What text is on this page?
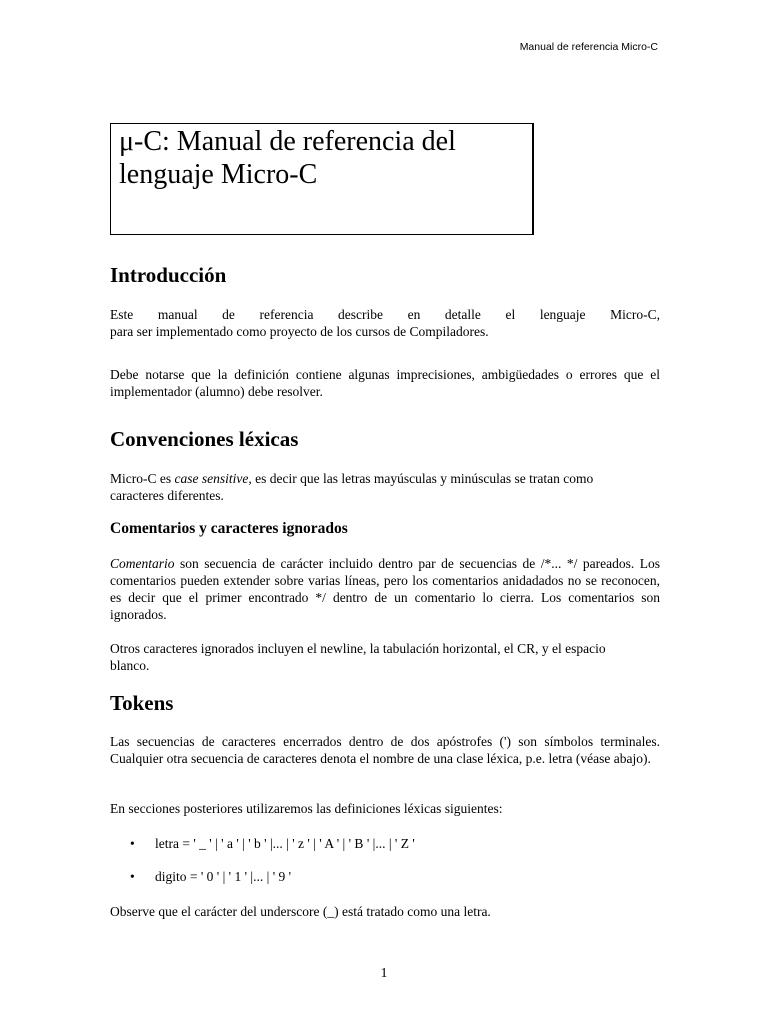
Manual de referencia Micro-C
μ-C: Manual de referencia del
lenguaje Micro-C
Introducción

Este manual de referencia describe en detalle el lenguaje Micro-C,

para ser implementado como proyecto de los cursos de Compiladores.

Debe notarse que la definición contiene algunas imprecisiones, ambigüedades o errores que el implementador (alumno) debe resolver.

Convenciones léxicas

Micro-C es case sensitive, es decir que las letras mayúsculas y minúsculas se tratan como caracteres diferentes.

Comentarios y caracteres ignorados

Comentario son secuencia de carácter incluido dentro par de secuencias de /*... */ pareados. Los comentarios pueden extender sobre varias líneas, pero los comentarios anidadados no se reconocen, es decir que el primer encontrado */ dentro de un comentario lo cierra. Los comentarios son ignorados.

Otros caracteres ignorados incluyen el newline, la tabulación horizontal, el CR, y el espacio blanco.

Tokens

Las secuencias de caracteres encerrados dentro de dos apóstrofes (') son símbolos terminales. Cualquier otra secuencia de caracteres denota el nombre de una clase léxica, p.e. letra (véase abajo).

En secciones posteriores utilizaremos las definiciones léxicas siguientes:

• letra = ' _ ' | ' a ' | ' b ' |... | ' z ' | ' A ' | ' B ' |... | ' Z '
• digito = ' 0 ' | ' 1 ' |... | ' 9 '

Observe que el carácter del underscore (_) está tratado como una letra.

1
